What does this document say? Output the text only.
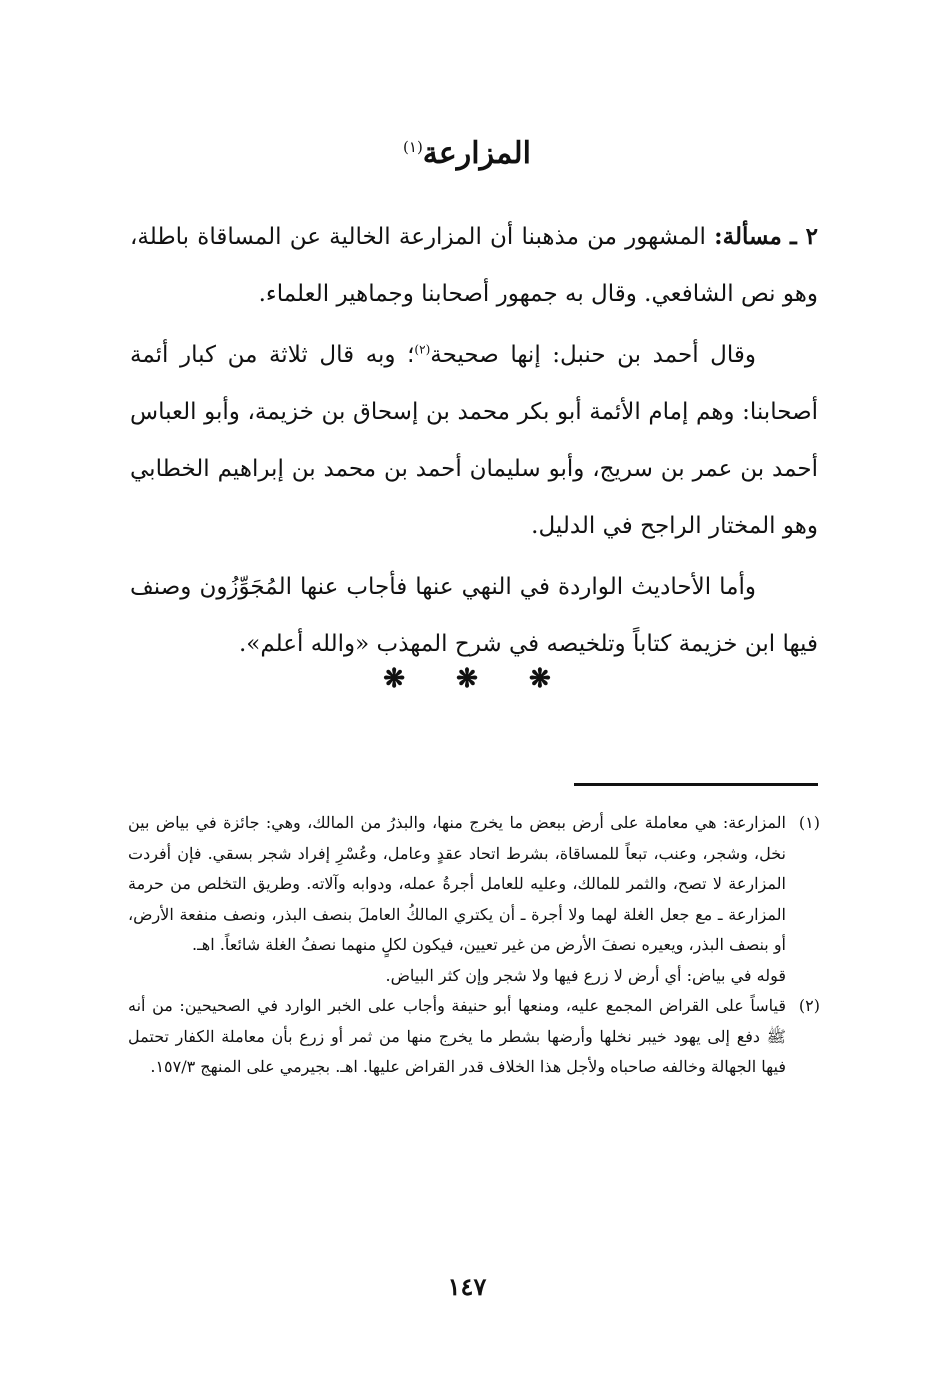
المزارعة$^{(١)}$

٢ ـ مسألة: المشهور من مذهبنا أن المزارعة الخالية عن المساقاة باطلة، وهو نص الشافعي. وقال به جمهور أصحابنا وجماهير العلماء.

وقال أحمد بن حنبل: إنها صحيحة$^{(٢)}$؛ وبه قال ثلاثة من كبار أئمة أصحابنا: وهم إمام الأئمة أبو بكر محمد بن إسحاق بن خزيمة، وأبو العباس أحمد بن عمر بن سريج، وأبو سليمان أحمد بن محمد بن إبراهيم الخطابي وهو المختار الراجح في الدليل.

وأما الأحاديث الواردة في النهي عنها فأجاب عنها المُجَوِّزُون وصنف فيها ابن خزيمة كتاباً وتلخيصه في شرح المهذب «والله أعلم».

❋ ❋ ❋
(١)
المزارعة: هي معاملة على أرض ببعض ما يخرج منها، والبذرُ من المالك، وهي: جائزة في بياض بين نخل، وشجر، وعنب، تبعاً للمساقاة، بشرط اتحاد عقدٍ وعامل، وعُسْرِ إفراد شجر بسقي. فإن أفردت المزارعة لا تصح، والثمر للمالك، وعليه للعامل أجرةُ عمله، ودوابه وآلاته. وطريق التخلص من حرمة المزارعة ـ مع جعل الغلة لهما ولا أجرة ـ أن يكتري المالكُ العاملَ بنصف البذر، ونصف منفعة الأرض، أو بنصف البذر، ويعيره نصفَ الأرض من غير تعيين، فيكون لكلٍ منهما نصفُ الغلة شائعاً. اهـ.
قوله في بياض: أي أرض لا زرع فيها ولا شجر وإن كثر البياض.
(٢)
قياساً على القراض المجمع عليه، ومنعها أبو حنيفة وأجاب على الخبر الوارد في الصحيحين: من أنه ﷺ دفع إلى يهود خيبر نخلها وأرضها بشطر ما يخرج منها من ثمر أو زرع بأن معاملة الكفار تحتمل فيها الجهالة وخالفه صاحباه ولأجل هذا الخلاف قدر القراض عليها. اهـ. بجيرمي على المنهج ١٥٧/٣.
١٤٧
